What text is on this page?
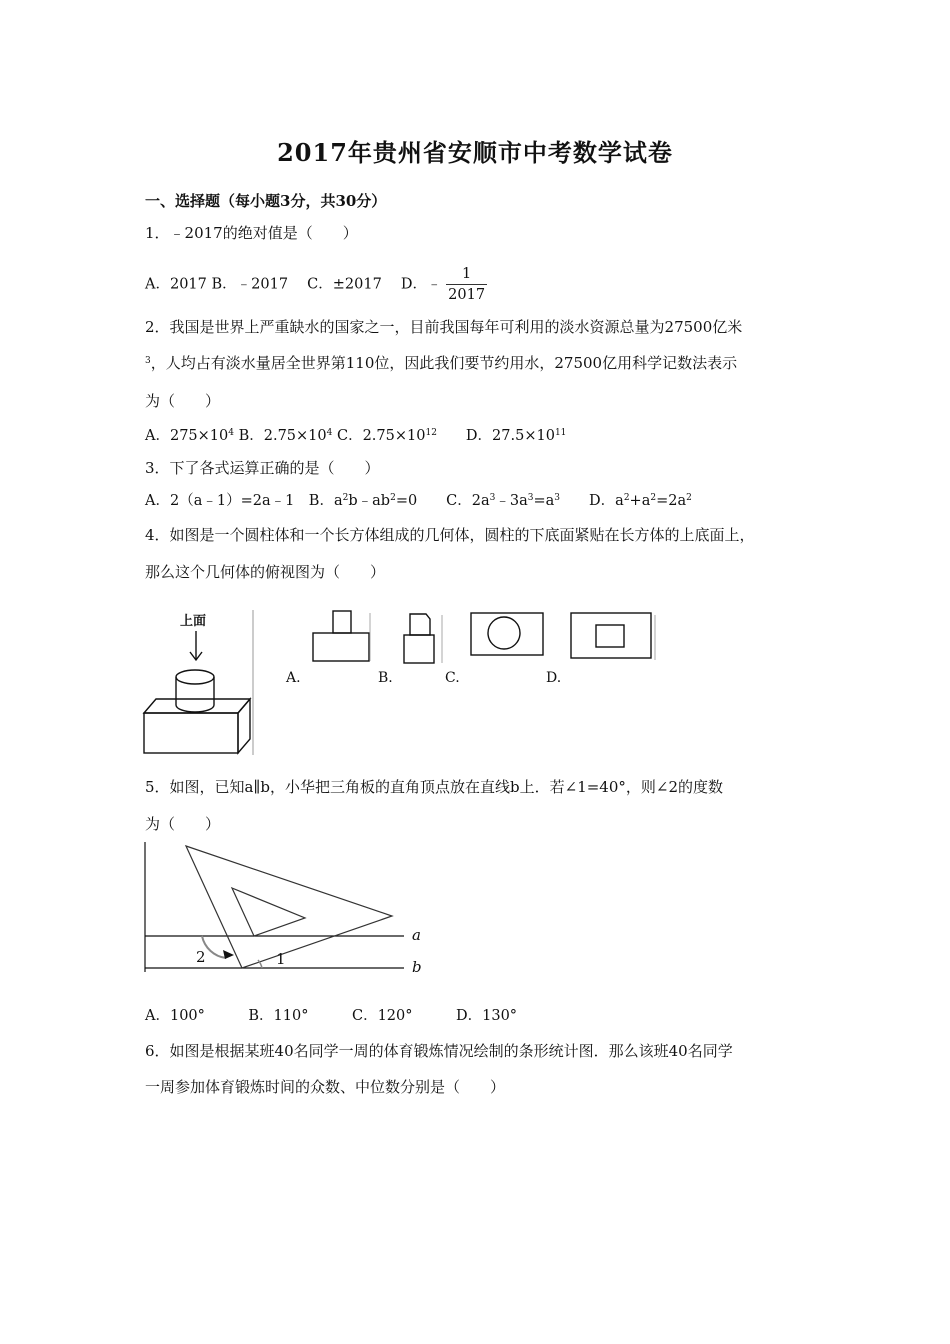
2017年贵州省安顺市中考数学试卷
一、选择题（每小题3分，共30分）
1．﹣2017的绝对值是（　　）
A．2017 B．﹣2017　 C．±2017　 D．﹣ $\frac{1}{2017}$
2．我国是世界上严重缺水的国家之一，目前我国每年可利用的淡水资源总量为27500亿米
$^3$，人均占有淡水量居全世界第110位，因此我们要节约用水，27500亿用科学记数法表示
为（　　）
A．$275\times 10^4$ B．$2.75\times 10^4$ C．$2.75\times 10^{12}$　　D．$27.5\times 10^{11}$
3．下了各式运算正确的是（　　）
A．2（a﹣1）=2a﹣1　B．$a^2b﹣ab^2=0$　　C．$2a^3﹣3a^3=a^3$　　D．$a^2+a^2=2a^2$
4．如图是一个圆柱体和一个长方体组成的几何体，圆柱的下底面紧贴在长方体的上底面上，
那么这个几何体的俯视图为（　　）
上面
A.	B.	C.	D.
5．如图，已知a∥b，小华把三角板的直角顶点放在直线b上．若∠1=40°，则∠2的度数
为（　　）
a
b
2	1
A．100°　　　B．110°　　　C．120°　　　D．130°
6．如图是根据某班40名同学一周的体育锻炼情况绘制的条形统计图．那么该班40名同学
一周参加体育锻炼时间的众数、中位数分别是（　　）
